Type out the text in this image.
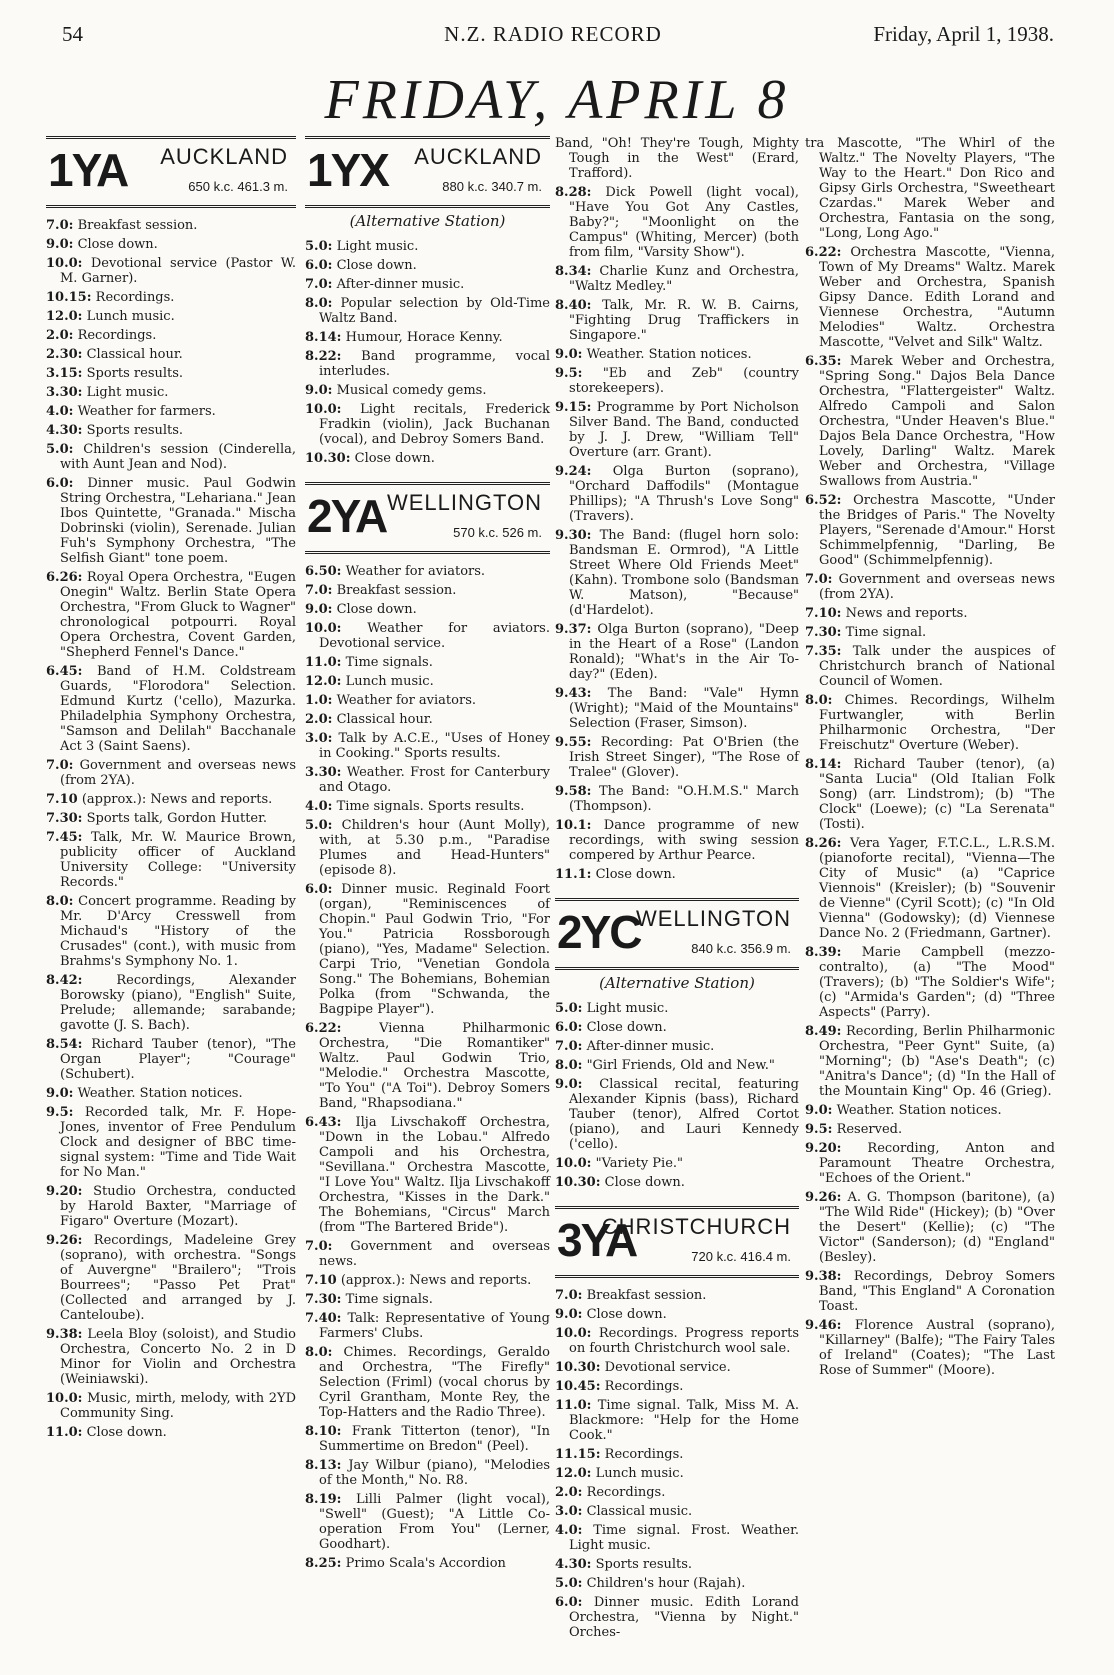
54	N.Z. RADIO RECORD	Friday, April 1, 1938.
FRIDAY, APRIL 8
1YA AUCKLAND
650 k.c. 461.3 m.

7.0: Breakfast session.

9.0: Close down.

10.0: Devotional service (Pastor W. M. Garner).

10.15: Recordings.

12.0: Lunch music.

2.0: Recordings.

2.30: Classical hour.

3.15: Sports results.

3.30: Light music.

4.0: Weather for farmers.

4.30: Sports results.

5.0: Children's session (Cinderella, with Aunt Jean and Nod).

6.0: Dinner music. Paul Godwin String Orchestra, "Lehariana." Jean Ibos Quintette, "Granada." Mischa Dobrinski (violin), Serenade. Julian Fuh's Symphony Orchestra, "The Selfish Giant" tone poem.

6.26: Royal Opera Orchestra, "Eugen Onegin" Waltz. Berlin State Opera Orchestra, "From Gluck to Wagner" chronological potpourri. Royal Opera Orchestra, Covent Garden, "Shepherd Fennel's Dance."

6.45: Band of H.M. Coldstream Guards, "Florodora" Selection. Edmund Kurtz ('cello), Mazurka. Philadelphia Symphony Orchestra, "Samson and Delilah" Bacchanale Act 3 (Saint Saens).

7.0: Government and overseas news (from 2YA).

7.10 (approx.): News and reports.

7.30: Sports talk, Gordon Hutter.

7.45: Talk, Mr. W. Maurice Brown, publicity officer of Auckland University College: "University Records."

8.0: Concert programme. Reading by Mr. D'Arcy Cresswell from Michaud's "History of the Crusades" (cont.), with music from Brahms's Symphony No. 1.

8.42:	Recordings, Alexander Borowsky (piano), "English" Suite, Prelude; allemande; sarabande; gavotte (J. S. Bach).

8.54: Richard Tauber (tenor), "The Organ Player"; "Courage" (Schubert).

9.0: Weather. Station notices.

9.5: Recorded talk, Mr. F. Hope-Jones, inventor of Free Pendulum Clock and designer of BBC time-signal system: "Time and Tide Wait for No Man."

9.20: Studio Orchestra, conducted by Harold Baxter, "Marriage of Figaro" Overture (Mozart).

9.26: Recordings, Madeleine Grey (soprano), with orchestra. "Songs of Auvergne" "Brailero"; "Trois Bourrees"; "Passo Pet Prat" (Collected and arranged by J. Canteloube).

9.38: Leela Bloy (soloist), and Studio Orchestra, Concerto No. 2 in D Minor for Violin and Orchestra (Weiniawski).

10.0: Music, mirth, melody, with 2YD Community Sing.

11.0: Close down.

1YX AUCKLAND
880 k.c. 340.7 m.
(Alternative Station)

5.0: Light music.

6.0: Close down.

7.0: After-dinner music.

8.0: Popular selection by Old-Time Waltz Band.

8.14: Humour, Horace Kenny.

8.22: Band programme, vocal interludes.

9.0: Musical comedy gems.

10.0: Light recitals, Frederick Fradkin (violin), Jack Buchanan (vocal), and Debroy Somers Band.

10.30: Close down.

2YA WELLINGTON
570 k.c. 526 m.

6.50: Weather for aviators.

7.0: Breakfast session.

9.0: Close down.

10.0: Weather for aviators. Devotional service.

11.0: Time signals.

12.0: Lunch music.

1.0: Weather for aviators.

2.0: Classical hour.

3.0: Talk by A.C.E., "Uses of Honey in Cooking." Sports results.

3.30: Weather. Frost for Canterbury and Otago.

4.0: Time signals. Sports results.

5.0: Children's hour (Aunt Molly), with, at 5.30 p.m., "Paradise Plumes and Head-Hunters" (episode 8).

6.0: Dinner music. Reginald Foort (organ), "Reminiscences of Chopin." Paul Godwin Trio, "For You." Patricia Rossborough (piano), "Yes, Madame" Selection. Carpi Trio, "Venetian Gondola Song." The Bohemians, Bohemian Polka (from "Schwanda, the Bagpipe Player").

6.22:	Vienna Philharmonic Orchestra, "Die Romantiker" Waltz. Paul Godwin Trio, "Melodie." Orchestra Mascotte, "To You" ("A Toi"). Debroy Somers Band, "Rhapsodiana."

6.43: Ilja Livschakoff Orchestra, "Down in the Lobau." Alfredo Campoli and his Orchestra, "Sevillana." Orchestra Mascotte, "I Love You" Waltz. Ilja Livschakoff Orchestra, "Kisses in the Dark." The Bohemians, "Circus" March (from "The Bartered Bride").

7.0: Government and overseas news.

7.10 (approx.): News and reports.

7.30: Time signals.

7.40: Talk: Representative of Young Farmers' Clubs.

8.0: Chimes. Recordings, Geraldo and Orchestra, "The Firefly" Selection (Friml) (vocal chorus by Cyril Grantham, Monte Rey, the Top-Hatters and the Radio Three).

8.10: Frank Titterton (tenor), "In Summertime on Bredon" (Peel).

8.13: Jay Wilbur (piano), "Melodies of the Month," No. R8.

8.19: Lilli Palmer (light vocal), "Swell" (Guest); "A Little Co-operation From You" (Lerner, Goodhart).

8.25: Primo Scala's Accordion

Band, "Oh! They're Tough, Mighty Tough in the West" (Erard, Trafford).

8.28: Dick Powell (light vocal), "Have You Got Any Castles, Baby?"; "Moonlight on the Campus" (Whiting, Mercer) (both from film, "Varsity Show").

8.34: Charlie Kunz and Orchestra, "Waltz Medley."

8.40: Talk, Mr. R. W. B. Cairns, "Fighting Drug Traffickers in Singapore."

9.0: Weather. Station notices.

9.5: "Eb and Zeb" (country storekeepers).

9.15: Programme by Port Nicholson Silver Band. The Band, conducted by J. J. Drew, "William Tell" Overture (arr. Grant).

9.24: Olga Burton (soprano), "Orchard Daffodils" (Montague Phillips); "A Thrush's Love Song" (Travers).

9.30: The Band: (flugel horn solo: Bandsman E. Ormrod), "A Little Street Where Old Friends Meet" (Kahn). Trombone solo (Bandsman W. Matson), "Because" (d'Hardelot).

9.37: Olga Burton (soprano), "Deep in the Heart of a Rose" (Landon Ronald); "What's in the Air To-day?" (Eden).

9.43: The Band: "Vale" Hymn (Wright); "Maid of the Mountains" Selection (Fraser, Simson).

9.55: Recording: Pat O'Brien (the Irish Street Singer), "The Rose of Tralee" (Glover).

9.58: The Band: "O.H.M.S." March (Thompson).

10.1: Dance programme of new recordings, with swing session compered by Arthur Pearce.

11.1: Close down.

2YC
WELLINGTON
840 k.c. 356.9 m.
(Alternative Station)

5.0: Light music.

6.0: Close down.

7.0: After-dinner music.

8.0: "Girl Friends, Old and New."

9.0: Classical recital, featuring Alexander Kipnis (bass), Richard Tauber (tenor), Alfred Cortot (piano), and Lauri Kennedy ('cello).

10.0: "Variety Pie."

10.30: Close down.

3YA
CHRISTCHURCH
720 k.c. 416.4 m.

7.0: Breakfast session.

9.0: Close down.

10.0: Recordings. Progress reports on fourth Christchurch wool sale.

10.30: Devotional service.

10.45: Recordings.

11.0: Time signal. Talk, Miss M. A. Blackmore: "Help for the Home Cook."

11.15: Recordings.

12.0: Lunch music.

2.0: Recordings.

3.0: Classical music.

4.0: Time signal. Frost. Weather. Light music.

4.30: Sports results.

5.0: Children's hour (Rajah).

6.0: Dinner music. Edith Lorand Orchestra, "Vienna by Night." Orches-

tra Mascotte, "The Whirl of the Waltz." The Novelty Players, "The Way to the Heart." Don Rico and Gipsy Girls Orchestra, "Sweetheart Czardas." Marek Weber and Orchestra, Fantasia on the song, "Long, Long Ago."

6.22: Orchestra Mascotte, "Vienna, Town of My Dreams" Waltz. Marek Weber and Orchestra, Spanish Gipsy Dance. Edith Lorand and Viennese Orchestra, "Autumn Melodies" Waltz. Orchestra Mascotte, "Velvet and Silk" Waltz.

6.35: Marek Weber and Orchestra, "Spring Song." Dajos Bela Dance Orchestra, "Flattergeister" Waltz. Alfredo Campoli and Salon Orchestra, "Under Heaven's Blue." Dajos Bela Dance Orchestra, "How Lovely, Darling" Waltz. Marek Weber and Orchestra, "Village Swallows from Austria."

6.52: Orchestra Mascotte, "Under the Bridges of Paris." The Novelty Players, "Serenade d'Amour." Horst Schimmelpfennig, "Darling, Be Good" (Schimmelpfennig).

7.0: Government and overseas news (from 2YA).

7.10: News and reports.

7.30: Time signal.

7.35: Talk under the auspices of Christchurch branch of National Council of Women.

8.0: Chimes. Recordings, Wilhelm Furtwangler, with Berlin Philharmonic Orchestra, "Der Freischutz" Overture (Weber).

8.14: Richard Tauber (tenor), (a) "Santa Lucia" (Old Italian Folk Song) (arr. Lindstrom); (b) "The Clock" (Loewe); (c) "La Serenata" (Tosti).

8.26: Vera Yager, F.T.C.L., L.R.S.M. (pianoforte recital), "Vienna—The City of Music" (a) "Caprice Viennois" (Kreisler); (b) "Souvenir de Vienne" (Cyril Scott); (c) "In Old Vienna" (Godowsky); (d) Viennese Dance No. 2 (Friedmann, Gartner).

8.39: Marie Campbell (mezzo-contralto), (a) "The Mood" (Travers); (b) "The Soldier's Wife"; (c) "Armida's Garden"; (d) "Three Aspects" (Parry).

8.49: Recording, Berlin Philharmonic Orchestra, "Peer Gynt" Suite, (a) "Morning"; (b) "Ase's Death"; (c) "Anitra's Dance"; (d) "In the Hall of the Mountain King" Op. 46 (Grieg).

9.0: Weather. Station notices.

9.5: Reserved.

9.20: Recording, Anton and Paramount Theatre Orchestra, "Echoes of the Orient."

9.26: A. G. Thompson (baritone), (a) "The Wild Ride" (Hickey); (b) "Over the Desert" (Kellie); (c) "The Victor" (Sanderson); (d) "England" (Besley).

9.38: Recordings, Debroy Somers Band, "This England" A Coronation Toast.

9.46: Florence Austral (soprano), "Killarney" (Balfe); "The Fairy Tales of Ireland" (Coates); "The Last Rose of Summer" (Moore).
